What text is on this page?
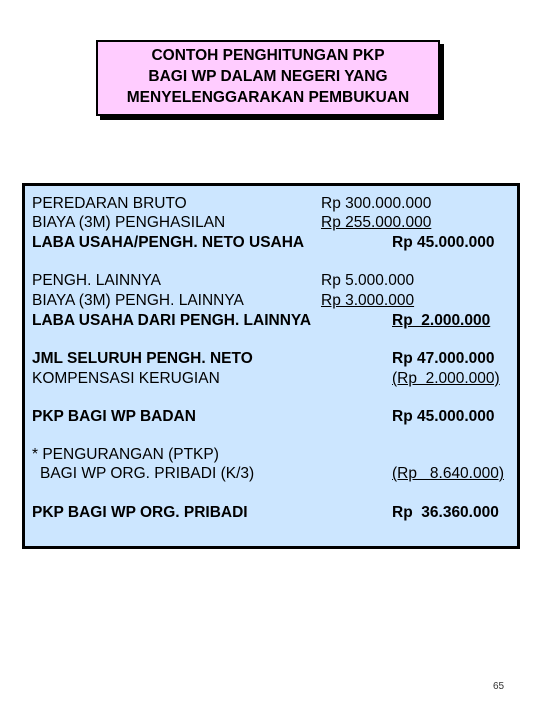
CONTOH PENGHITUNGAN PKP
BAGI WP DALAM NEGERI YANG
MENYELENGGARAKAN PEMBUKUAN
PEREDARAN BRUTO	Rp 300.000.000
BIAYA (3M) PENGHASILAN	Rp 255.000.000
LABA USAHA/PENGH. NETO USAHA	Rp 45.000.000
PENGH. LAINNYA	Rp 5.000.000
BIAYA (3M) PENGH. LAINNYA	Rp 3.000.000
LABA USAHA DARI PENGH. LAINNYA	Rp  2.000.000
JML SELURUH PENGH. NETO	Rp 47.000.000
KOMPENSASI KERUGIAN	(Rp  2.000.000)
PKP BAGI WP BADAN	Rp 45.000.000
* PENGURANGAN (PTKP)
BAGI WP ORG. PRIBADI (K/3)	(Rp   8.640.000)
PKP BAGI WP ORG. PRIBADI	Rp  36.360.000
65
